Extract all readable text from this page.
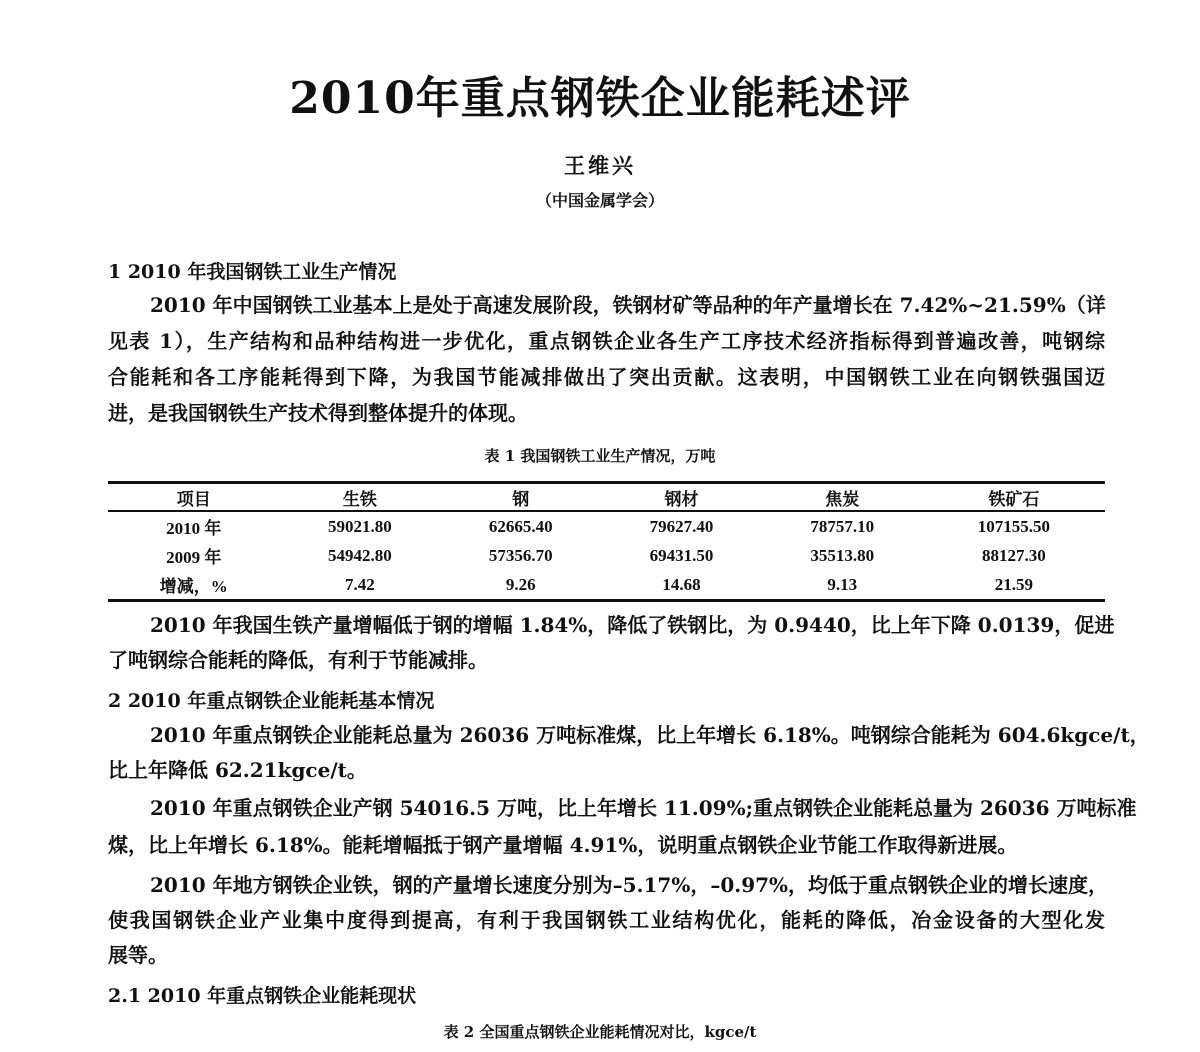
2010年重点钢铁企业能耗述评
王维兴
（中国金属学会）
1 2010 年我国钢铁工业生产情况
2010 年中国钢铁工业基本上是处于高速发展阶段，铁钢材矿等品种的年产量增长在 7.42%~21.59%（详
见表 1），生产结构和品种结构进一步优化，重点钢铁企业各生产工序技术经济指标得到普遍改善，吨钢综
合能耗和各工序能耗得到下降，为我国节能减排做出了突出贡献。这表明，中国钢铁工业在向钢铁强国迈
进，是我国钢铁生产技术得到整体提升的体现。
表 1 我国钢铁工业生产情况，万吨
项目	生铁	钢	钢材	焦炭	铁矿石
2010 年	59021.80	62665.40	79627.40	78757.10	107155.50
2009 年	54942.80	57356.70	69431.50	35513.80	88127.30
增减，%	7.42	9.26	14.68	9.13	21.59
2010 年我国生铁产量增幅低于钢的增幅 1.84%，降低了铁钢比，为 0.9440，比上年下降 0.0139，促进
了吨钢综合能耗的降低，有利于节能减排。
2 2010 年重点钢铁企业能耗基本情况
2010 年重点钢铁企业能耗总量为 26036 万吨标准煤，比上年增长 6.18%。吨钢综合能耗为 604.6kgce/t，
比上年降低 62.21kgce/t。
2010 年重点钢铁企业产钢 54016.5 万吨，比上年增长 11.09%;重点钢铁企业能耗总量为 26036 万吨标准
煤，比上年增长 6.18%。能耗增幅抵于钢产量增幅 4.91%，说明重点钢铁企业节能工作取得新进展。
2010 年地方钢铁企业铁，钢的产量增长速度分别为–5.17%，–0.97%，均低于重点钢铁企业的增长速度，
使我国钢铁企业产业集中度得到提高，有利于我国钢铁工业结构优化，能耗的降低，冶金设备的大型化发
展等。
2.1 2010 年重点钢铁企业能耗现状
表 2 全国重点钢铁企业能耗情况对比，kgce/t
